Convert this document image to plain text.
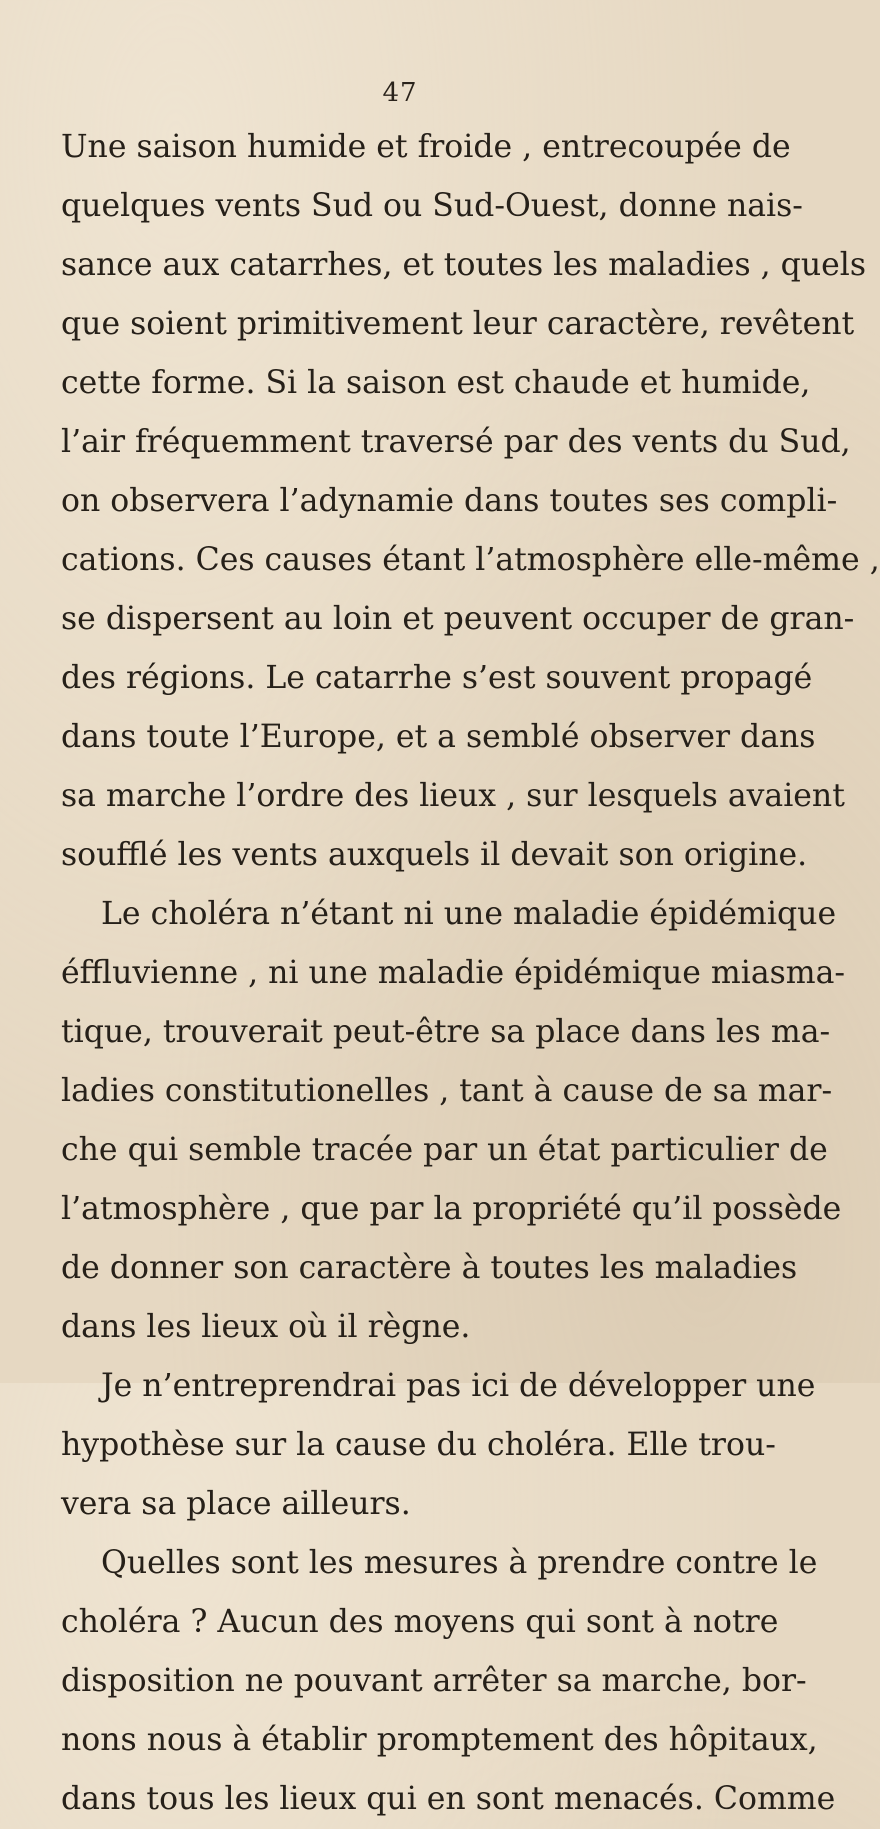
47
Une saison humide et froide , entrecoupée de
quelques vents Sud ou Sud-Ouest, donne nais-
sance aux catarrhes, et toutes les maladies , quels
que soient primitivement leur caractère, revêtent
cette forme. Si la saison est chaude et humide,
l’air fréquemment traversé par des vents du Sud,
on observera l’adynamie dans toutes ses compli-
cations. Ces causes étant l’atmosphère elle-même ,
se dispersent au loin et peuvent occuper de gran-
des régions. Le catarrhe s’est souvent propagé
dans toute l’Europe, et a semblé observer dans
sa marche l’ordre des lieux , sur lesquels avaient
soufflé les vents auxquels il devait son origine.
Le choléra n’étant ni une maladie épidémique
éffluvienne , ni une maladie épidémique miasma-
tique, trouverait peut-être sa place dans les ma-
ladies constitutionelles , tant à cause de sa mar-
che qui semble tracée par un état particulier de
l’atmosphère , que par la propriété qu’il possède
de donner son caractère à toutes les maladies
dans les lieux où il règne.
Je n’entreprendrai pas ici de développer une
hypothèse sur la cause du choléra. Elle trou-
vera sa place ailleurs.
Quelles sont les mesures à prendre contre le
choléra ? Aucun des moyens qui sont à notre
disposition ne pouvant arrêter sa marche, bor-
nons nous à établir promptement des hôpitaux,
dans tous les lieux qui en sont menacés. Comme
